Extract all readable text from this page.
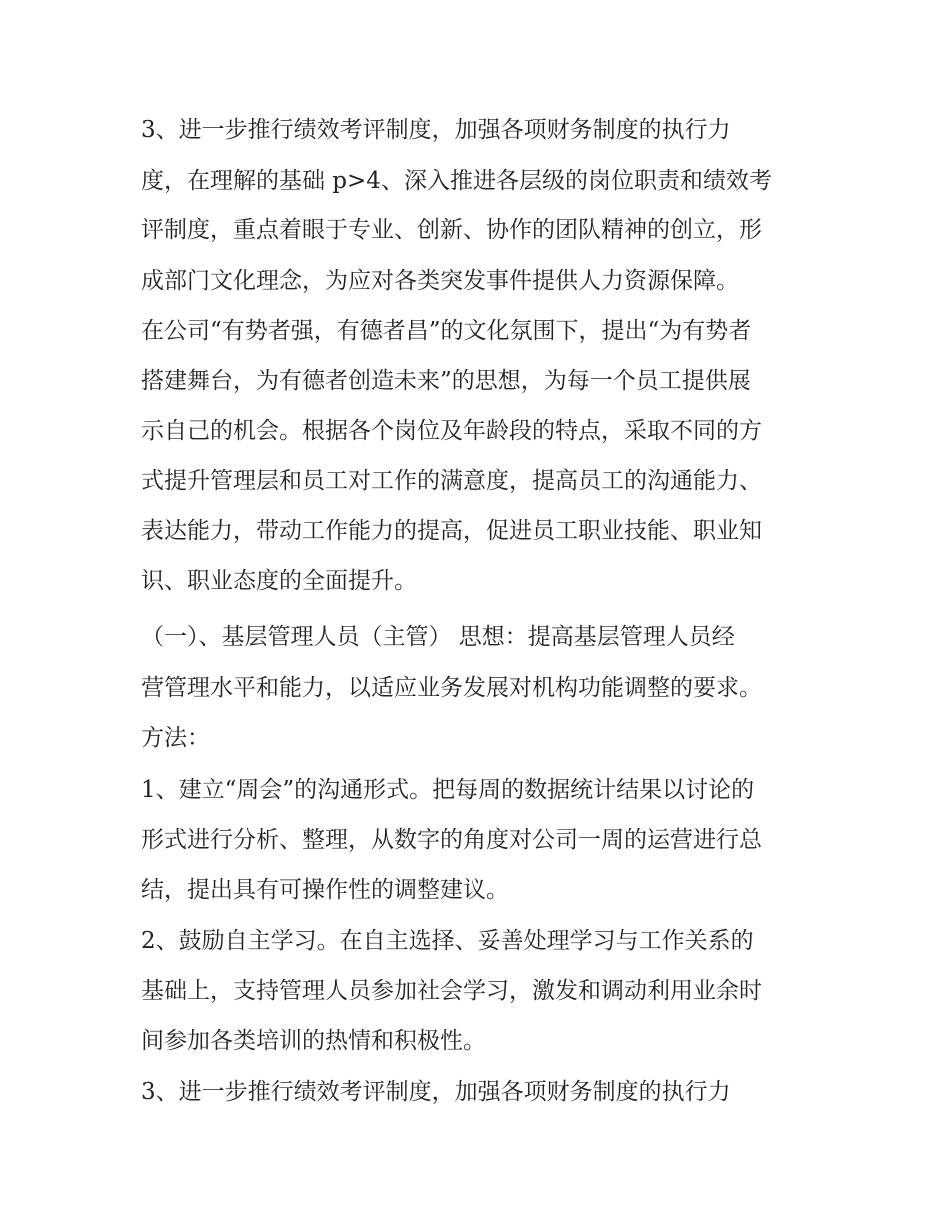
3、进一步推行绩效考评制度，加强各项财务制度的执行力
度，在理解的基础 p>4、深入推进各层级的岗位职责和绩效考
评制度，重点着眼于专业、创新、协作的团队精神的创立，形
成部门文化理念，为应对各类突发事件提供人力资源保障。
在公司“有势者强，有德者昌”的文化氛围下，提出“为有势者
搭建舞台，为有德者创造未来”的思想，为每一个员工提供展
示自己的机会。根据各个岗位及年龄段的特点，采取不同的方
式提升管理层和员工对工作的满意度，提高员工的沟通能力、
表达能力，带动工作能力的提高，促进员工职业技能、职业知
识、职业态度的全面提升。
（一）、基层管理人员（主管） 思想：提高基层管理人员经
营管理水平和能力，以适应业务发展对机构功能调整的要求。
方法：
1、建立“周会”的沟通形式。把每周的数据统计结果以讨论的
形式进行分析、整理，从数字的角度对公司一周的运营进行总
结，提出具有可操作性的调整建议。
2、鼓励自主学习。在自主选择、妥善处理学习与工作关系的
基础上，支持管理人员参加社会学习，激发和调动利用业余时
间参加各类培训的热情和积极性。
3、进一步推行绩效考评制度，加强各项财务制度的执行力
